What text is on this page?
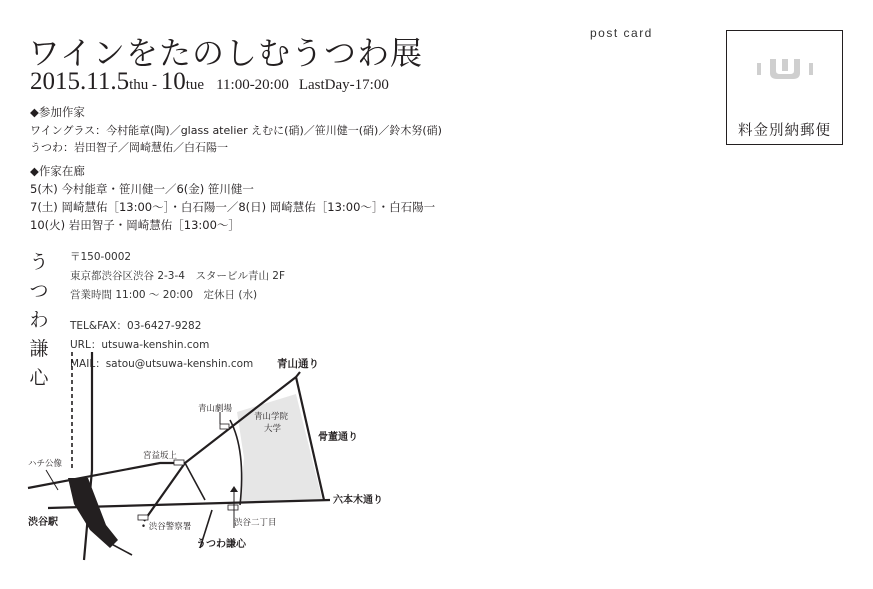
ワインをたのしむうつわ展
2015.11.5thu - 10tue 11:00-20:00 LastDay-17:00
post card
料金別納郵便
◆参加作家
ワイングラス：今村能章(陶)／glass atelier えむに(硝)／笹川健一(硝)／鈴木努(硝)
うつわ：岩田智子／岡崎慧佑／白石陽一
◆作家在廊
5(木) 今村能章・笹川健一／6(金) 笹川健一
7(土) 岡崎慧佑［13:00～］・白石陽一／8(日) 岡崎慧佑［13:00～］・白石陽一
10(火) 岩田智子・岡崎慧佑［13:00～］
うつわ謙心
〒150-0002
東京都渋谷区渋谷 2-3-4　スタービル青山 2F
営業時間 11:00 ～ 20:00　定休日 (水)
TEL&FAX：03-6427-9282
URL：utsuwa-kenshin.com
MAIL：satou@utsuwa-kenshin.com 青山通り
青山劇場
青山学院
大学
骨董通り
宮益坂上
ハチ公像
六本木通り
渋谷駅	• 渋谷警察署	渋谷二丁目
うつわ謙心
